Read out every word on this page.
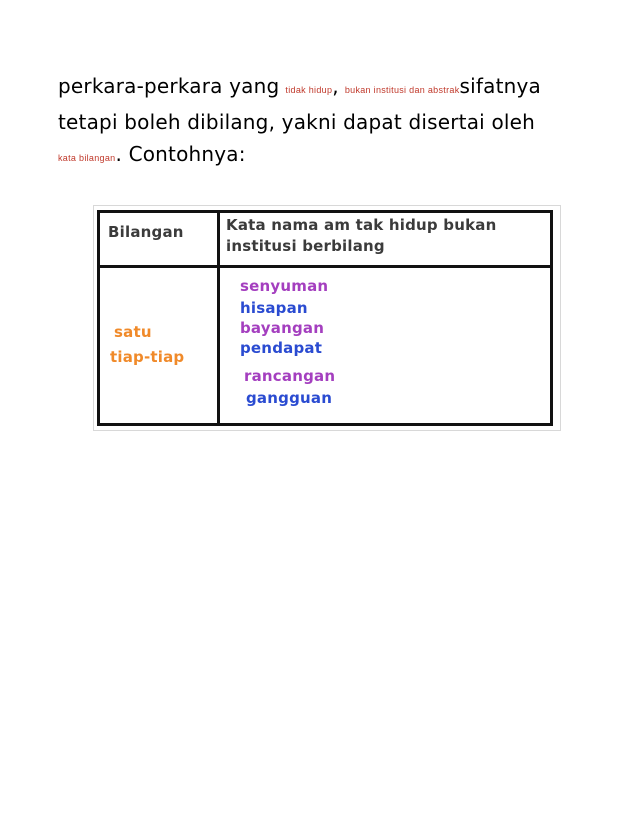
perkara-perkara yang tidak hidup, bukan institusi dan abstraksifatnya
tetapi boleh dibilang, yakni dapat disertai oleh
kata bilangan. Contohnya:
Bilangan	Kata nama am tak hidup bukan
institusi berbilang
satu
tiap-tiap
senyuman
hisapan
bayangan
pendapat
rancangan
gangguan
